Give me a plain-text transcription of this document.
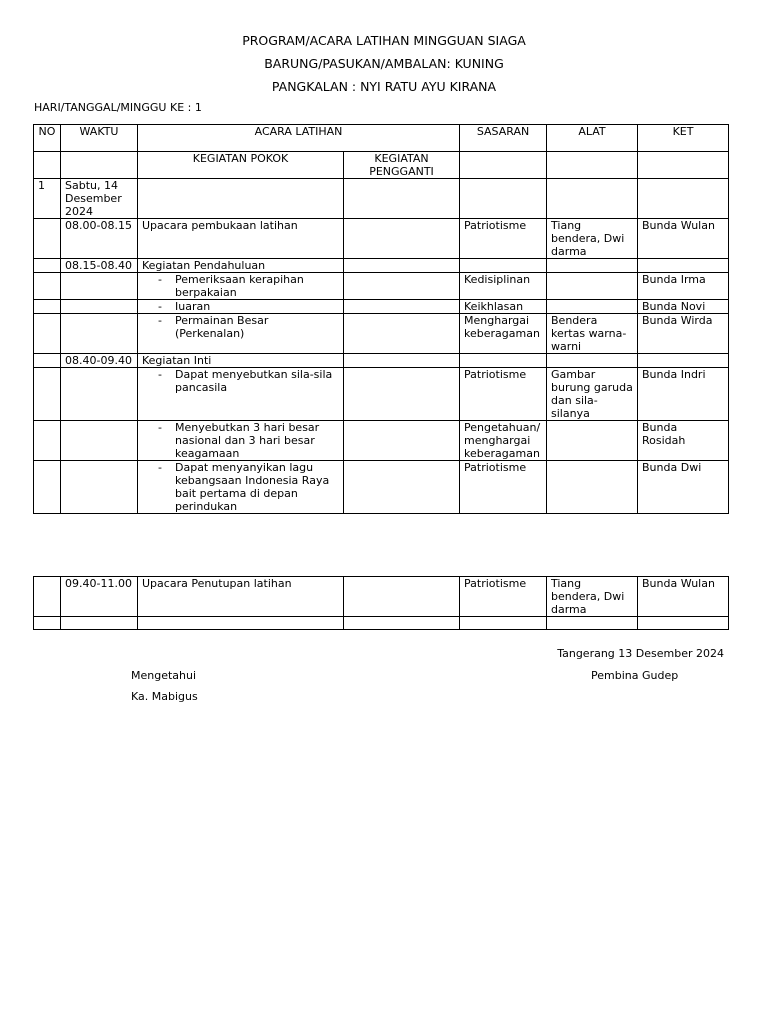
PROGRAM/ACARA LATIHAN MINGGUAN SIAGA
BARUNG/PASUKAN/AMBALAN: KUNING
PANGKALAN : NYI RATU AYU KIRANA
HARI/TANGGAL/MINGGU KE : 1
NO	WAKTU	ACARA LATIHAN		SASARAN	ALAT	KET
		KEGIATAN POKOK	KEGIATAN PENGGANTI			
1	Sabtu, 14 Desember 2024					
	08.00-08.15	Upacara pembukaan latihan		Patriotisme	Tiang bendera, Dwi darma	Bunda Wulan
	08.15-08.40	Kegiatan Pendahuluan				

		- Pemeriksaan kerapihan berpakaian		Kedisiplinan		Bunda Irma

		- Iuaran		Keikhlasan		Bunda Novi

		- Permainan Besar (Perkenalan)		Menghargai keberagaman	Bendera kertas warna-warni	Bunda Wirda
	08.40-09.40	Kegiatan Inti				

		- Dapat menyebutkan sila-sila pancasila		Patriotisme	Gambar burung garuda dan sila-silanya	Bunda Indri

		- Menyebutkan 3 hari besar nasional dan 3 hari besar keagamaan		Pengetahuan/ menghargai keberagaman		Bunda Rosidah

		- Dapat menyanyikan lagu kebangsaan Indonesia Raya bait pertama di depan perindukan		Patriotisme		Bunda Dwi
	09.40-11.00	Upacara Penutupan latihan		Patriotisme	Tiang bendera, Dwi darma	Bunda Wulan

Tangerang 13 Desember 2024
Mengetahui	Pembina Gudep
Ka. Mabigus
